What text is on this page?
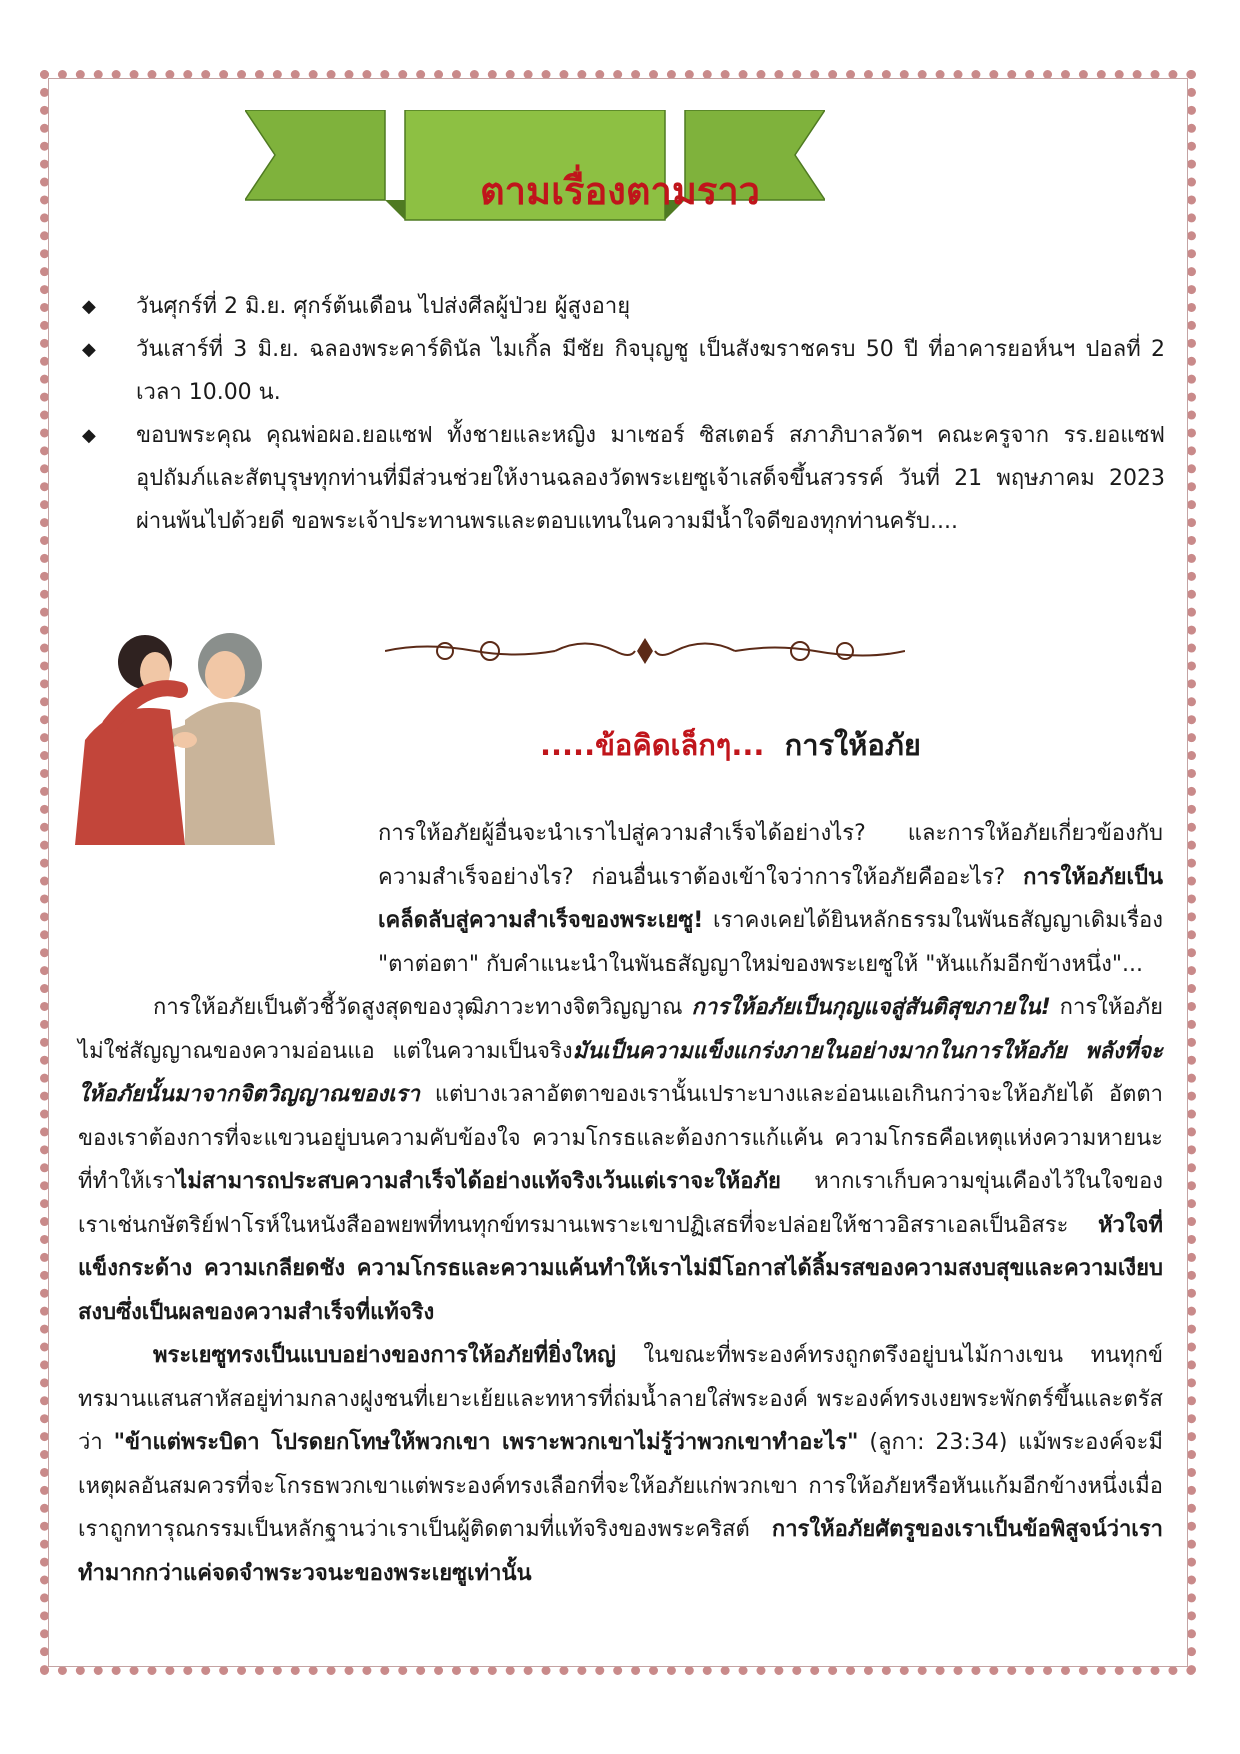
ตามเรื่องตามราว
◆	วันศุกร์ที่ 2 มิ.ย. ศุกร์ต้นเดือน ไปส่งศีลผู้ป่วย ผู้สูงอายุ
◆	วันเสาร์ที่ 3 มิ.ย. ฉลองพระคาร์ดินัล ไมเกิ้ล มีชัย กิจบุญชู เป็นสังฆราชครบ 50 ปี ที่อาคารยอห์นฯ ปอลที่ 2 เวลา 10.00 น.
◆	ขอบพระคุณ คุณพ่อผอ.ยอแซฟ ทั้งชายและหญิง มาเซอร์ ซิสเตอร์ สภาภิบาลวัดฯ คณะครูจาก รร.ยอแซฟอุปถัมภ์และสัตบุรุษทุกท่านที่มีส่วนช่วยให้งานฉลองวัดพระเยซูเจ้าเสด็จขึ้นสวรรค์ วันที่ 21 พฤษภาคม 2023 ผ่านพ้นไปด้วยดี ขอพระเจ้าประทานพรและตอบแทนในความมีน้ำใจดีของทุกท่านครับ....
.....ข้อคิดเล็กๆ... การให้อภัย

การให้อภัยผู้อื่นจะนำเราไปสู่ความสำเร็จได้อย่างไร? และการให้อภัยเกี่ยวข้องกับความสำเร็จอย่างไร? ก่อนอื่นเราต้องเข้าใจว่าการให้อภัยคืออะไร? การให้อภัยเป็นเคล็ดลับสู่ความสำเร็จของพระเยซู! เราคงเคยได้ยินหลักธรรมในพันธสัญญาเดิมเรื่อง "ตาต่อตา" กับคำแนะนำในพันธสัญญาใหม่ของพระเยซูให้ "หันแก้มอีกข้างหนึ่ง"...

การให้อภัยเป็นตัวชี้วัดสูงสุดของวุฒิภาวะทางจิตวิญญาณ การให้อภัยเป็นกุญแจสู่สันติสุขภายใน! การให้อภัยไม่ใช่สัญญาณของความอ่อนแอ แต่ในความเป็นจริงมันเป็นความแข็งแกร่งภายในอย่างมากในการให้อภัย พลังที่จะให้อภัยนั้นมาจากจิตวิญญาณของเรา แต่บางเวลาอัตตาของเรานั้นเปราะบางและอ่อนแอเกินกว่าจะให้อภัยได้ อัตตาของเราต้องการที่จะแขวนอยู่บนความคับข้องใจ ความโกรธและต้องการแก้แค้น ความโกรธคือเหตุแห่งความหายนะที่ทำให้เราไม่สามารถประสบความสำเร็จได้อย่างแท้จริงเว้นแต่เราจะให้อภัย หากเราเก็บความขุ่นเคืองไว้ในใจของเราเช่นกษัตริย์ฟาโรห์ในหนังสืออพยพที่ทนทุกข์ทรมานเพราะเขาปฏิเสธที่จะปล่อยให้ชาวอิสราเอลเป็นอิสระ หัวใจที่แข็งกระด้าง ความเกลียดชัง ความโกรธและความแค้นทำให้เราไม่มีโอกาสได้ลิ้มรสของความสงบสุขและความเงียบสงบซึ่งเป็นผลของความสำเร็จที่แท้จริง

พระเยซูทรงเป็นแบบอย่างของการให้อภัยที่ยิ่งใหญ่ ในขณะที่พระองค์ทรงถูกตรึงอยู่บนไม้กางเขน ทนทุกข์ทรมานแสนสาหัสอยู่ท่ามกลางฝูงชนที่เยาะเย้ยและทหารที่ถ่มน้ำลายใส่พระองค์ พระองค์ทรงเงยพระพักตร์ขึ้นและตรัสว่า "ข้าแต่พระบิดา โปรดยกโทษให้พวกเขา เพราะพวกเขาไม่รู้ว่าพวกเขาทำอะไร" (ลูกา: 23:34) แม้พระองค์จะมีเหตุผลอันสมควรที่จะโกรธพวกเขาแต่พระองค์ทรงเลือกที่จะให้อภัยแก่พวกเขา การให้อภัยหรือหันแก้มอีกข้างหนึ่งเมื่อเราถูกทารุณกรรมเป็นหลักฐานว่าเราเป็นผู้ติดตามที่แท้จริงของพระคริสต์ การให้อภัยศัตรูของเราเป็นข้อพิสูจน์ว่าเราทำมากกว่าแค่จดจำพระวจนะของพระเยซูเท่านั้น
